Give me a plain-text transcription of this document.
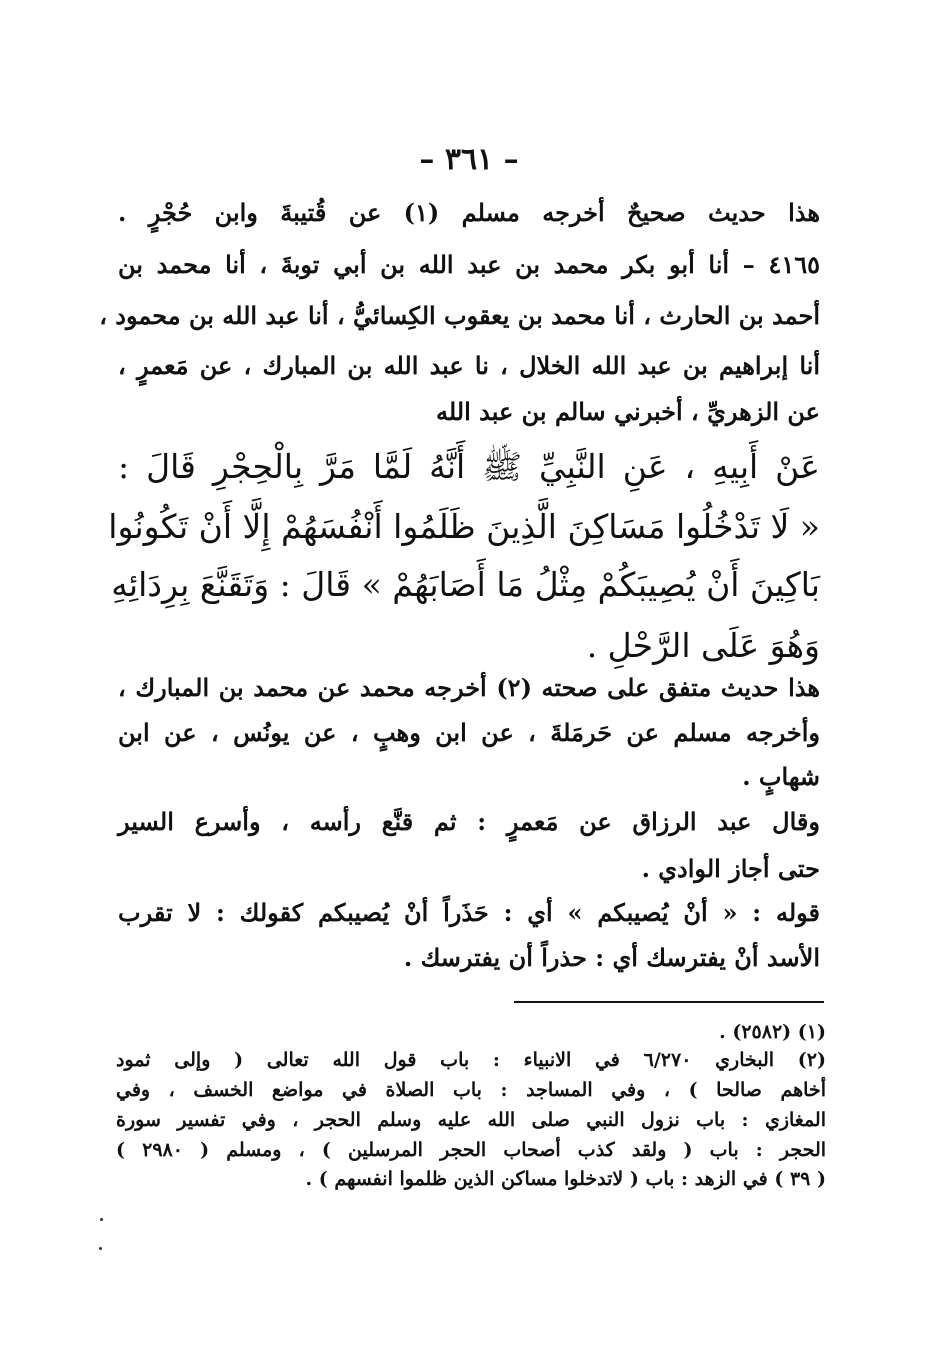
– ٣٦١ –
هذا حديث صحيحٌ أخرجه مسلم (١) عن قُتيبةَ وابن حُجْرٍ .
٤١٦٥ – أنا أبو بكر محمد بن عبد الله بن أبي توبةَ ، أنا محمد بن
أحمد بن الحارث ، أنا محمد بن يعقوب الكِسائيُّ ، أنا عبد الله بن محمود ،
أنا إبراهيم بن عبد الله الخلال ، نا عبد الله بن المبارك ، عن مَعمرٍ ،
عن الزهريِّ ، أخبرني سالم بن عبد الله
عَنْ أَبِيهِ ، عَنِ النَّبِيِّ ﷺ أَنَّهُ لَمَّا مَرَّ بِالْحِجْرِ قَالَ :
« لَا تَدْخُلُوا مَسَاكِنَ الَّذِينَ ظَلَمُوا أَنْفُسَهُمْ إِلَّا أَنْ تَكُونُوا
بَاكِينَ أَنْ يُصِيبَكُمْ مِثْلُ مَا أَصَابَهُمْ » قَالَ : وَتَقَنَّعَ بِرِدَائِهِ
وَهُوَ عَلَى الرَّحْلِ .
هذا حديث متفق على صحته (٢) أخرجه محمد عن محمد بن المبارك ،
وأخرجه مسلم عن حَرمَلةَ ، عن ابن وهبٍ ، عن يونُس ، عن ابن
شهابٍ .
وقال عبد الرزاق عن مَعمرٍ : ثم قنَّع رأسه ، وأسرع السير
حتى أجاز الوادي .
قوله : « أنْ يُصيبكم » أي : حَذَراً أنْ يُصيبكم كقولك : لا تقرب
الأسد أنْ يفترسك أي : حذراً أن يفترسك .
(١) (٢٥٨٢) .
(٢) البخاري ٦/٢٧٠ في الانبياء : باب قول الله تعالى ( وإلى ثمود
أخاهم صالحا ) ، وفي المساجد : باب الصلاة في مواضع الخسف ، وفي
المغازي : باب نزول النبي صلى الله عليه وسلم الحجر ، وفي تفسير سورة
الحجر : باب ( ولقد كذب أصحاب الحجر المرسلين ) ، ومسلم ( ٢٩٨٠ )
( ٣٩ ) في الزهد : باب ( لاتدخلوا مساكن الذين ظلموا انفسهم ) .
